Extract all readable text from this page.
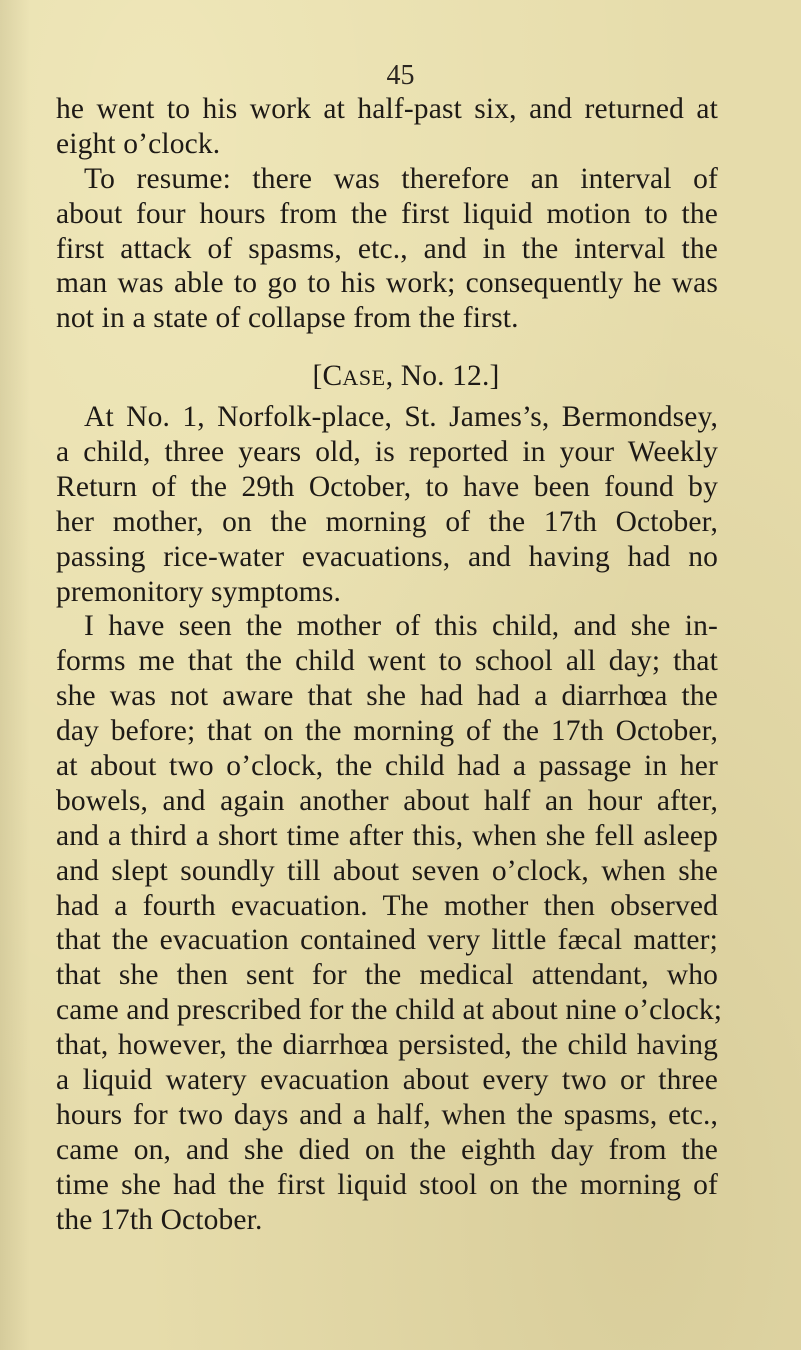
45
he went to his work at half-past six, and returned at
eight o’clock.
To resume: there was therefore an interval of
about four hours from the first liquid motion to the
first attack of spasms, etc., and in the interval the
man was able to go to his work; consequently he was
not in a state of collapse from the first.
[CASE, No. 12.]
At No. 1, Norfolk-place, St. James’s, Bermondsey,
a child, three years old, is reported in your Weekly
Return of the 29th October, to have been found by
her mother, on the morning of the 17th October,
passing rice-water evacuations, and having had no
premonitory symptoms.
I have seen the mother of this child, and she in-
forms me that the child went to school all day; that
she was not aware that she had had a diarrhœa the
day before; that on the morning of the 17th October,
at about two o’clock, the child had a passage in her
bowels, and again another about half an hour after,
and a third a short time after this, when she fell asleep
and slept soundly till about seven o’clock, when she
had a fourth evacuation. The mother then observed
that the evacuation contained very little fæcal matter;
that she then sent for the medical attendant, who
came and prescribed for the child at about nine o’clock;
that, however, the diarrhœa persisted, the child having
a liquid watery evacuation about every two or three
hours for two days and a half, when the spasms, etc.,
came on, and she died on the eighth day from the
time she had the first liquid stool on the morning of
the 17th October.
